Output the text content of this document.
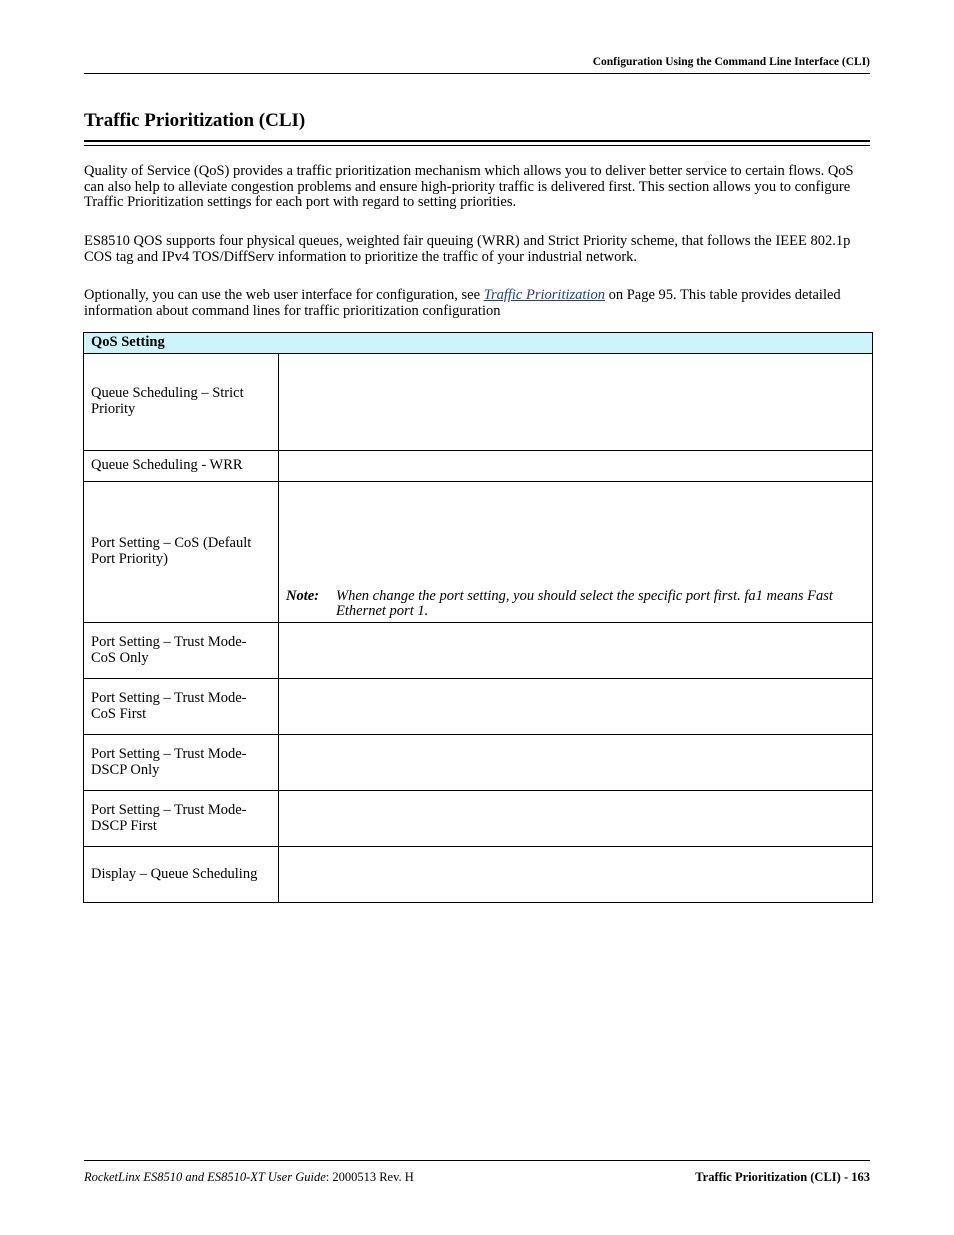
Configuration Using the Command Line Interface (CLI)
Traffic Prioritization (CLI)

Quality of Service (QoS) provides a traffic prioritization mechanism which allows you to deliver better service to certain flows. QoS can also help to alleviate congestion problems and ensure high-priority traffic is delivered first. This section allows you to configure Traffic Prioritization settings for each port with regard to setting priorities.

ES8510 QOS supports four physical queues, weighted fair queuing (WRR) and Strict Priority scheme, that follows the IEEE 802.1p COS tag and IPv4 TOS/DiffServ information to prioritize the traffic of your industrial network.

Optionally, you can use the web user interface for configuration, see Traffic Prioritization on Page 95. This table provides detailed information about command lines for traffic prioritization configuration

QoS Setting	
Queue Scheduling – Strict Priority	
Queue Scheduling - WRR	
Port Setting – CoS (Default Port Priority)	Note: When change the port setting, you should select the specific port first. fa1 means Fast Ethernet port 1.

Port Setting – Trust Mode- CoS Only	
Port Setting – Trust Mode- CoS First	
Port Setting – Trust Mode- DSCP Only	
Port Setting – Trust Mode- DSCP First	
Display – Queue Scheduling	
RocketLinx ES8510 and ES8510-XT User Guide: 2000513 Rev. H	Traffic Prioritization (CLI) - 163
